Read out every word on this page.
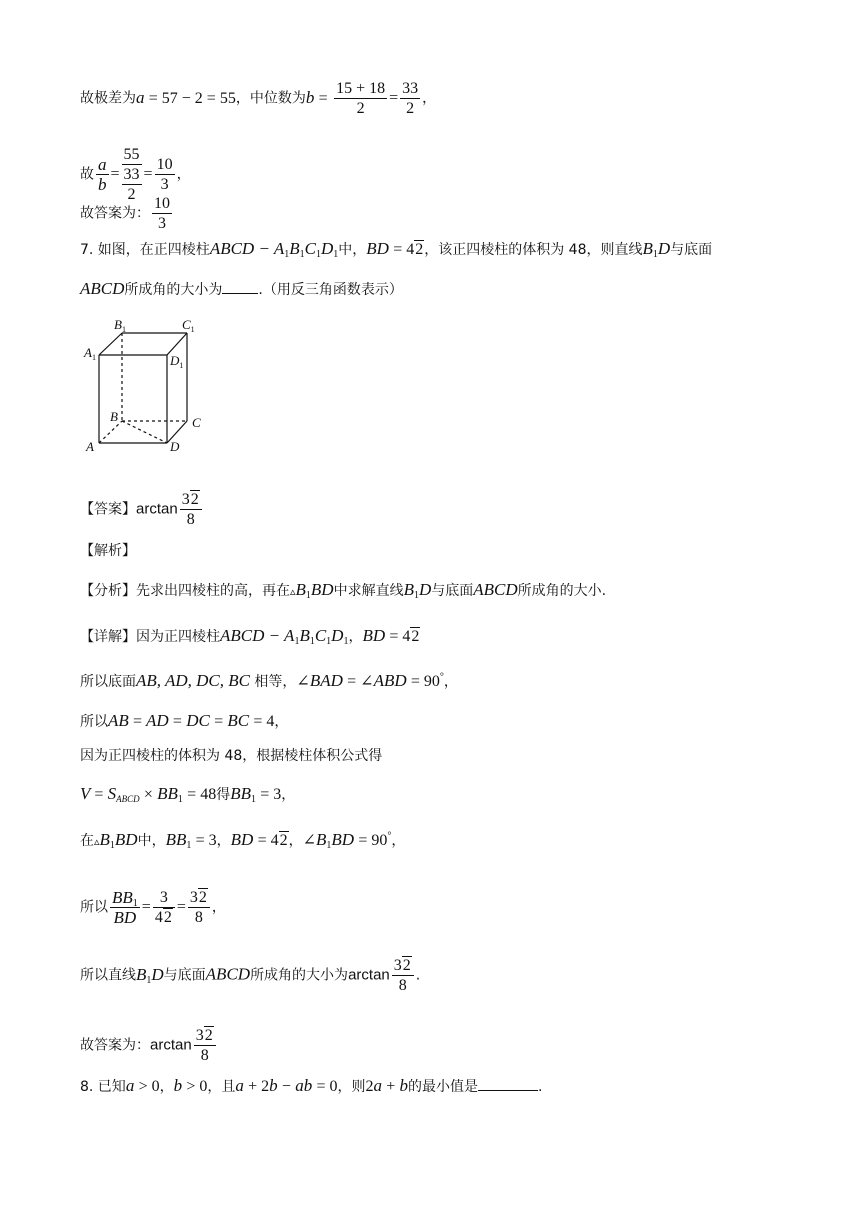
故极差为a = 57 − 2 = 55，中位数为$b = \frac{15 + 18}{2} = \frac{33}{2}$ ，
故 $\frac{a}{b}$ =
55
33
2
= $\frac{10}{3}$ ，
故答案为： $\frac{10}{3}$
7. 如图，在正四棱柱ABCD − $A_1B_1C_1D_1$中，BD = 42，该正四棱柱的体积为 48，则直线$B_1D$与底面
ABCD所成角的大小为	.（用反三角函数表示）
$B_1$	$C_1$
$A_1$	$D_1$
B	C
A	D
【答案】$\arctan \frac{32}{8}$
【解析】
【分析】先求出四棱柱的高，再在$▵B_1BD$中求解直线$B_1D$与底面ABCD所成角的大小.
【详解】因为正四棱柱ABCD − $A_1B_1C_1D_1$，BD = 42
所以底面AB, AD, DC, BC 相等，∠BAD = ∠ABD = 90°，
所以AB = AD = DC = BC = 4，
因为正四棱柱的体积为 48，根据棱柱体积公式得
$V = S_{ABCD} \times BB_1 = 48$得$BB_1 = 3$，
在$▵B_1BD$中，$BB_1 = 3$，BD = 42，$\angle B_1BD = 90^\circ$，
所以 $\frac{BB_1}{BD} = \frac{3}{42} = \frac{32}{8}$ ，
所以直线$B_1D$与底面ABCD所成角的大小为$\arctan \frac{32}{8}$ .
故答案为：$\arctan \frac{32}{8}$
8. 已知a > 0，b > 0，且a + 2b − ab = 0，则2a + b的最小值是	.
